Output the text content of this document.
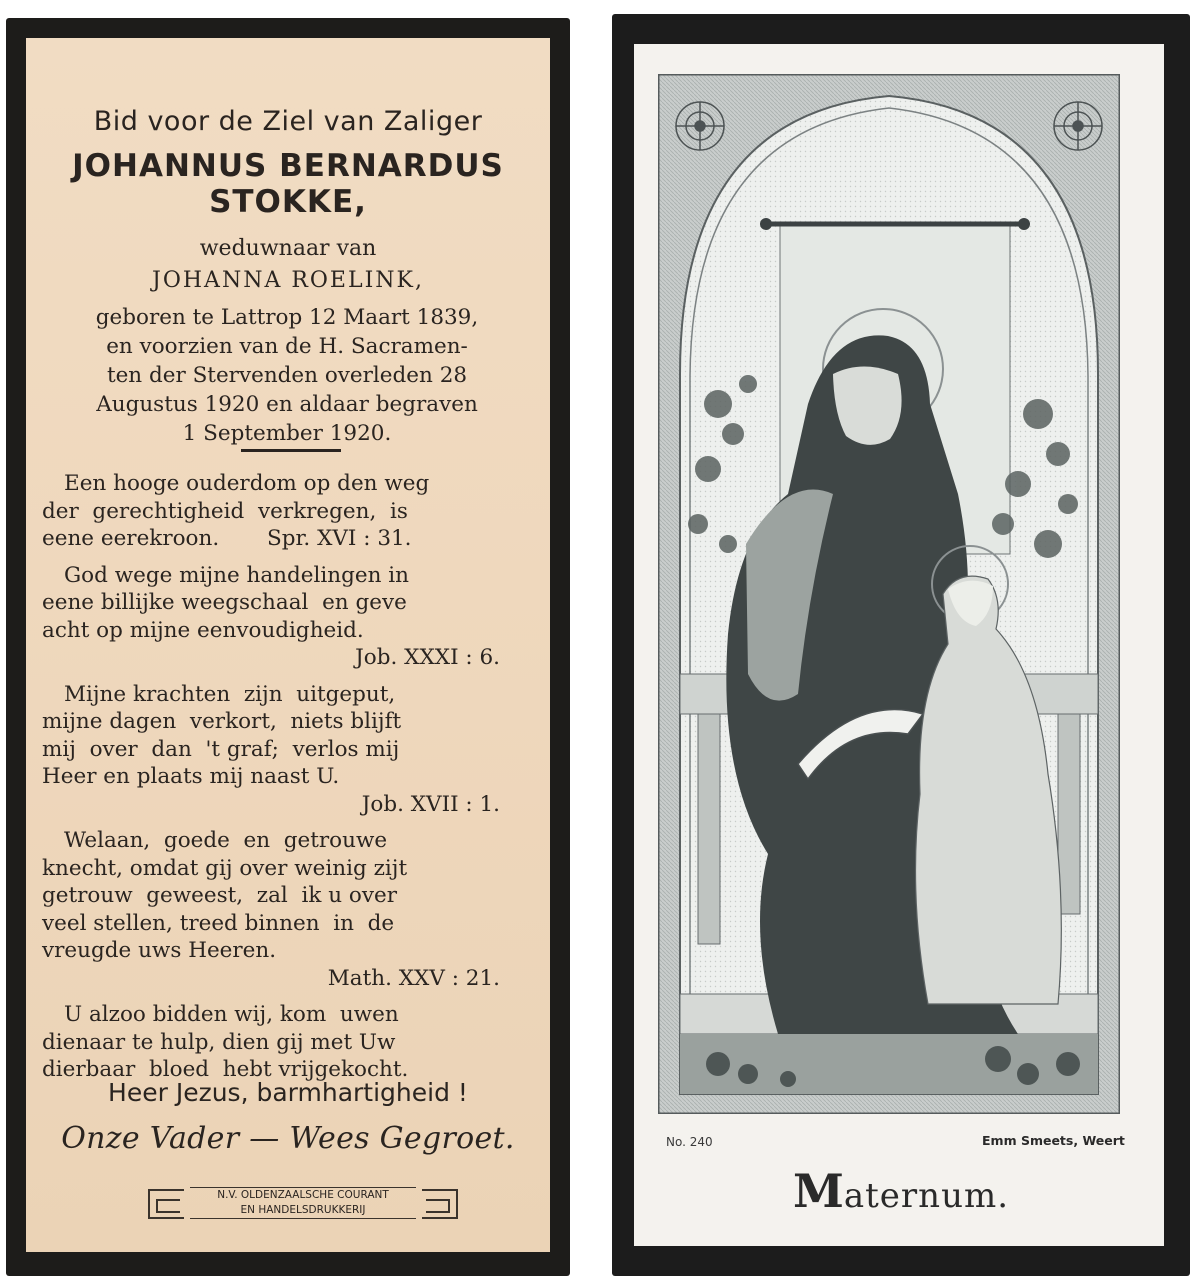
Bid voor de Ziel van Zaliger
JOHANNUS BERNARDUS
STOKKE,
weduwnaar van
JOHANNA ROELINK,
geboren te Lattrop 12 Maart 1839,
en voorzien van de H. Sacramen-
ten der Stervenden overleden 28
Augustus 1920 en aldaar begraven
1 September 1920.
Een hooge ouderdom op den weg
der  gerechtigheid  verkregen,  is
eene eerekroon.       Spr. XVI : 31.
God wege mijne handelingen in
eene billijke weegschaal  en geve
acht op mijne eenvoudigheid.
Job. XXXI : 6.
Mijne krachten  zijn  uitgeput,
mijne dagen  verkort,  niets blijft
mij  over  dan  't graf;  verlos mij
Heer en plaats mij naast U.
Job. XVII : 1.
Welaan,  goede  en  getrouwe
knecht, omdat gij over weinig zijt
getrouw  geweest,  zal  ik u over
veel stellen, treed binnen  in  de
vreugde uws Heeren.
Math. XXV : 21.
U alzoo bidden wij, kom  uwen
dienaar te hulp, dien gij met Uw
dierbaar  bloed  hebt vrijgekocht.
Heer Jezus, barmhartigheid !
Onze Vader — Wees Gegroet.
N.V. OLDENZAALSCHE COURANT
EN HANDELSDRUKKERIJ
No. 240	Emm Smeets, Weert
Maternum.
